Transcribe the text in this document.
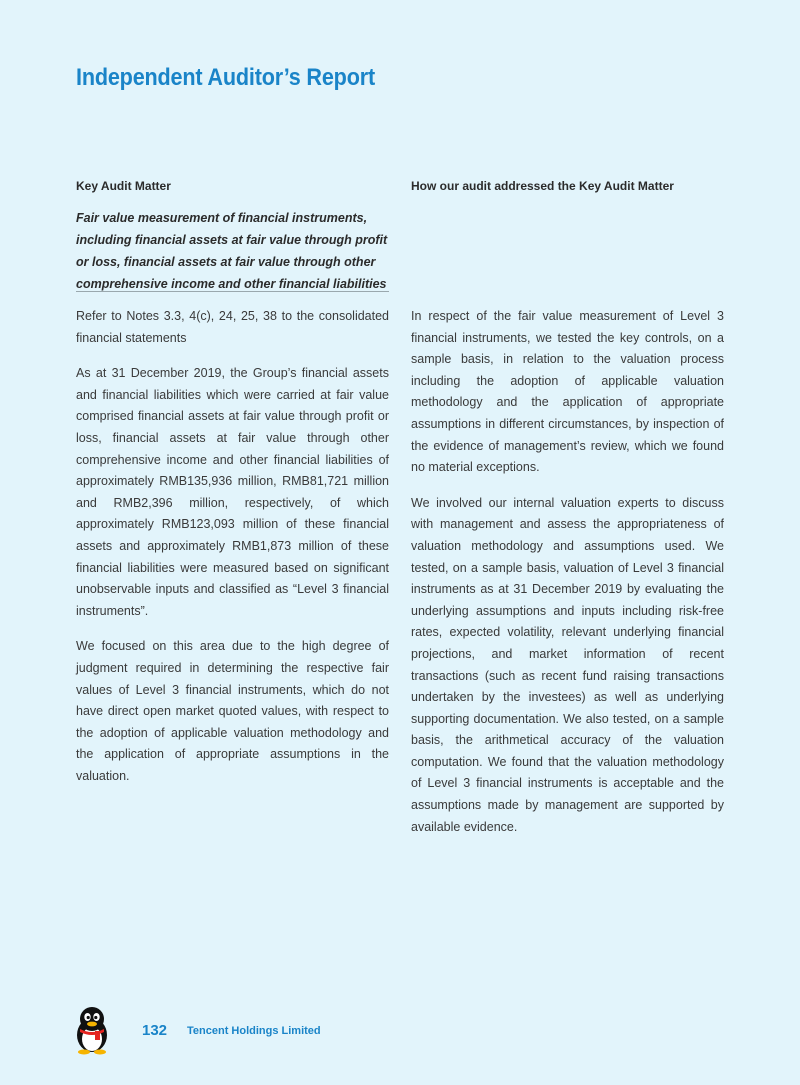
Independent Auditor’s Report
Key Audit Matter	How our audit addressed the Key Audit Matter
Fair value measurement of financial instruments,
including financial assets at fair value through profit
or loss, financial assets at fair value through other
comprehensive income and other financial liabilities

Refer to Notes 3.3, 4(c), 24, 25, 38 to the consolidated financial statements

As at 31 December 2019, the Group’s financial assets and financial liabilities which were carried at fair value comprised financial assets at fair value through profit or loss, financial assets at fair value through other comprehensive income and other financial liabilities of approximately RMB135,936 million, RMB81,721 million and RMB2,396 million, respectively, of which approximately RMB123,093 million of these financial assets and approximately RMB1,873 million of these financial liabilities were measured based on significant unobservable inputs and classified as “Level 3 financial instruments”.

We focused on this area due to the high degree of judgment required in determining the respective fair values of Level 3 financial instruments, which do not have direct open market quoted values, with respect to the adoption of applicable valuation methodology and the application of appropriate assumptions in the valuation.

In respect of the fair value measurement of Level 3 financial instruments, we tested the key controls, on a sample basis, in relation to the valuation process including the adoption of applicable valuation methodology and the application of appropriate assumptions in different circumstances, by inspection of the evidence of management’s review, which we found no material exceptions.

We involved our internal valuation experts to discuss with management and assess the appropriateness of valuation methodology and assumptions used. We tested, on a sample basis, valuation of Level 3 financial instruments as at 31 December 2019 by evaluating the underlying assumptions and inputs including risk-free rates, expected volatility, relevant underlying financial projections, and market information of recent transactions (such as recent fund raising transactions undertaken by the investees) as well as underlying supporting documentation. We also tested, on a sample basis, the arithmetical accuracy of the valuation computation. We found that the valuation methodology of Level 3 financial instruments is acceptable and the assumptions made by management are supported by available evidence.

132 Tencent Holdings Limited
